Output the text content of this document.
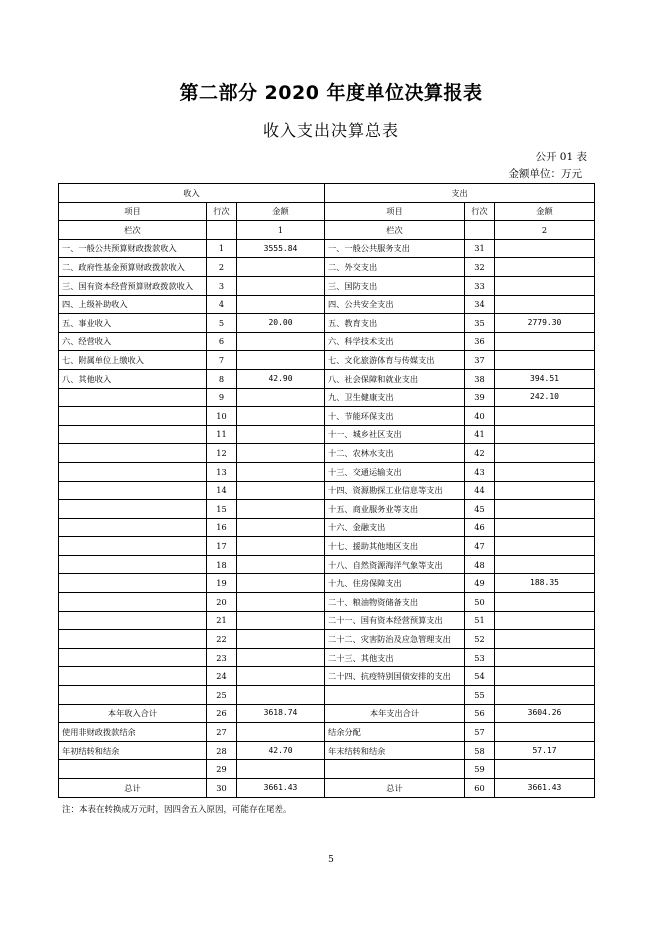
第二部分 2020 年度单位决算报表
收入支出决算总表
公开 01 表
金额单位：万元
收入			支出		
项目	行次	金额	项目	行次	金额
栏次		1	栏次		2
一、一般公共预算财政拨款收入	1	3555.84	一、一般公共服务支出	31	
二、政府性基金预算财政拨款收入	2		二、外交支出	32	
三、国有资本经营预算财政拨款收入	3		三、国防支出	33	
四、上级补助收入	4		四、公共安全支出	34	
五、事业收入	5	20.00	五、教育支出	35	2779.30
六、经营收入	6		六、科学技术支出	36	
七、附属单位上缴收入	7		七、文化旅游体育与传媒支出	37	
八、其他收入	8	42.90	八、社会保障和就业支出	38	394.51
	9		九、卫生健康支出	39	242.10
	10		十、节能环保支出	40	
	11		十一、城乡社区支出	41	
	12		十二、农林水支出	42	
	13		十三、交通运输支出	43	
	14		十四、资源勘探工业信息等支出	44	
	15		十五、商业服务业等支出	45	
	16		十六、金融支出	46	
	17		十七、援助其他地区支出	47	
	18		十八、自然资源海洋气象等支出	48	
	19		十九、住房保障支出	49	188.35
	20		二十、粮油物资储备支出	50	
	21		二十一、国有资本经营预算支出	51	
	22		二十二、灾害防治及应急管理支出	52	
	23		二十三、其他支出	53	
	24		二十四、抗疫特别国债安排的支出	54	
	25			55	
本年收入合计	26	3618.74	本年支出合计	56	3604.26
使用非财政拨款结余	27		结余分配	57	
年初结转和结余	28	42.70	年末结转和结余	58	57.17
	29			59	
总计	30	3661.43	总计	60	3661.43
注：本表在转换成万元时，因四舍五入原因，可能存在尾差。
5
